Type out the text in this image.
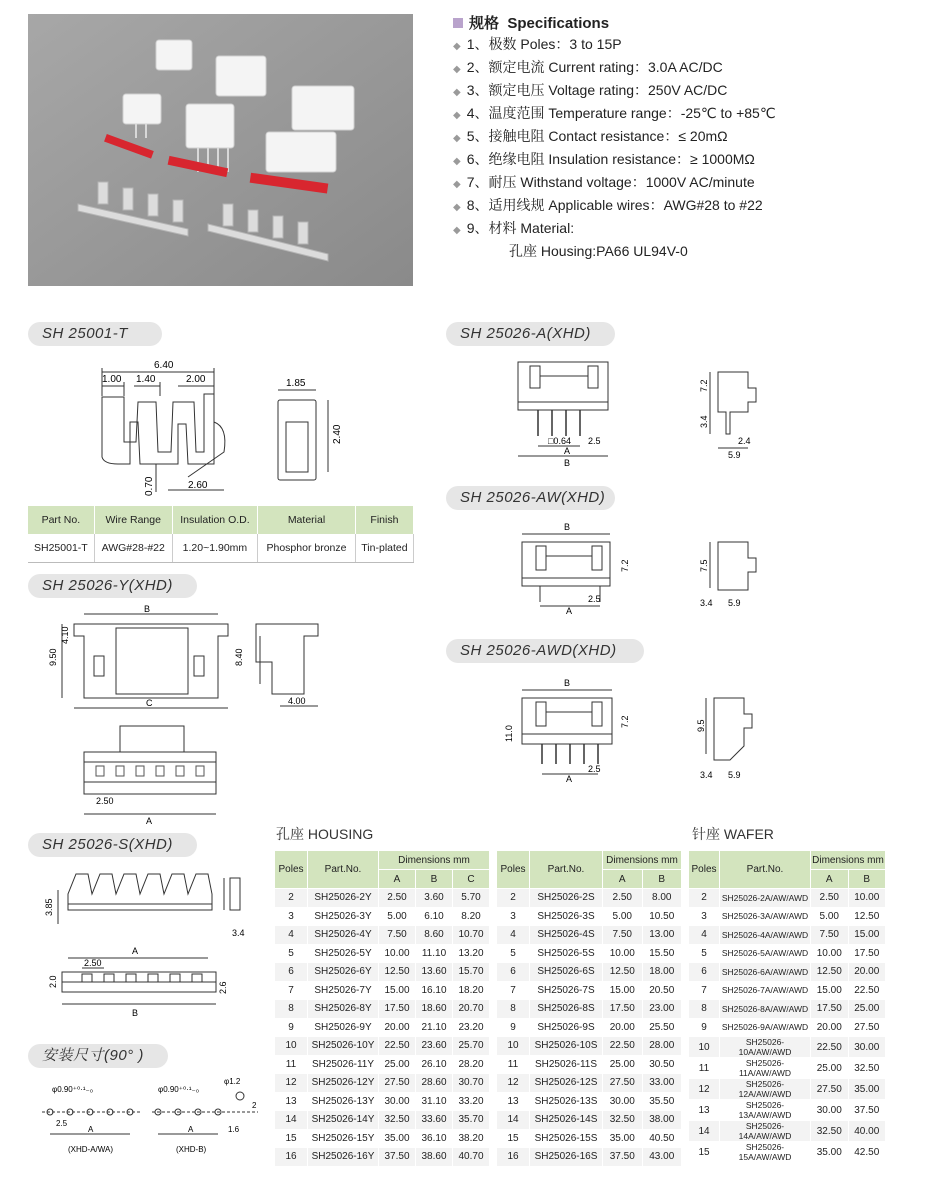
规格 Specifications
◆ 1、极数 Poles：3 to 15P
◆ 2、额定电流 Current rating：3.0A AC/DC
◆ 3、额定电压 Voltage rating：250V AC/DC
◆ 4、温度范围 Temperature range：-25℃ to +85℃
◆ 5、接触电阻 Contact resistance：≤ 20mΩ
◆ 6、绝缘电阻 Insulation resistance：≥ 1000MΩ
◆ 7、耐压 Withstand voltage：1000V AC/minute
◆ 8、适用线规 Applicable wires：AWG#28 to #22
◆ 9、材料 Material:
孔座 Housing:PA66 UL94V-0
SH 25001-T	SH 25026-A(XHD)
SH 25026-AW(XHD)
SH 25026-Y(XHD)
SH 25026-AWD(XHD)
SH 25026-S(XHD)
安装尺寸(90° )
6.40
1.00 1.40	2.00
0.70	2.60
1.85
2.40
Part No.	Wire Range	Insulation O.D.	Material	Finish
SH25001-T	AWG#28-#22	1.20~1.90mm	Phosphor bronze	Tin-plated
□0.64 2.5
A
B
7.2
3.4
2.4
5.9
B
7.2
2.5
A
7.5
3.4 5.9
B
4.10
9.50
C
8.40
4.00
2.50
A
B
11.0
7.2
2.5
A
9.5
3.4 5.9
3.85
3.4
A
2.50
2.0	2.6
B
φ0.90⁺⁰·¹₋₀
2.5
A
(XHD-A/WA)
φ0.90⁺⁰·¹₋₀
φ1.2
2
A	1.6
(XHD-B)
孔座 HOUSING	针座 WAFER
Poles	Part.No.	Dimensions mm		
		A	B	C
2	SH25026-2Y	2.50	3.60	5.70
3	SH25026-3Y	5.00	6.10	8.20
4	SH25026-4Y	7.50	8.60	10.70
5	SH25026-5Y	10.00	11.10	13.20
6	SH25026-6Y	12.50	13.60	15.70
7	SH25026-7Y	15.00	16.10	18.20
8	SH25026-8Y	17.50	18.60	20.70
9	SH25026-9Y	20.00	21.10	23.20
10	SH25026-10Y	22.50	23.60	25.70
11	SH25026-11Y	25.00	26.10	28.20
12	SH25026-12Y	27.50	28.60	30.70
13	SH25026-13Y	30.00	31.10	33.20
14	SH25026-14Y	32.50	33.60	35.70
15	SH25026-15Y	35.00	36.10	38.20
16	SH25026-16Y	37.50	38.60	40.70
Poles	Part.No.	Dimensions mm	
		A	B
2	SH25026-2S	2.50	8.00
3	SH25026-3S	5.00	10.50
4	SH25026-4S	7.50	13.00
5	SH25026-5S	10.00	15.50
6	SH25026-6S	12.50	18.00
7	SH25026-7S	15.00	20.50
8	SH25026-8S	17.50	23.00
9	SH25026-9S	20.00	25.50
10	SH25026-10S	22.50	28.00
11	SH25026-11S	25.00	30.50
12	SH25026-12S	27.50	33.00
13	SH25026-13S	30.00	35.50
14	SH25026-14S	32.50	38.00
15	SH25026-15S	35.00	40.50
16	SH25026-16S	37.50	43.00
Poles	Part.No.	Dimensions mm	
		A	B
2	SH25026-2A/AW/AWD	2.50	10.00
3	SH25026-3A/AW/AWD	5.00	12.50
4	SH25026-4A/AW/AWD	7.50	15.00
5	SH25026-5A/AW/AWD	10.00	17.50
6	SH25026-6A/AW/AWD	12.50	20.00
7	SH25026-7A/AW/AWD	15.00	22.50
8	SH25026-8A/AW/AWD	17.50	25.00
9	SH25026-9A/AW/AWD	20.00	27.50
10	SH25026-10A/AW/AWD	22.50	30.00
11	SH25026-11A/AW/AWD	25.00	32.50
12	SH25026-12A/AW/AWD	27.50	35.00
13	SH25026-13A/AW/AWD	30.00	37.50
14	SH25026-14A/AW/AWD	32.50	40.00
15	SH25026-15A/AW/AWD	35.00	42.50
